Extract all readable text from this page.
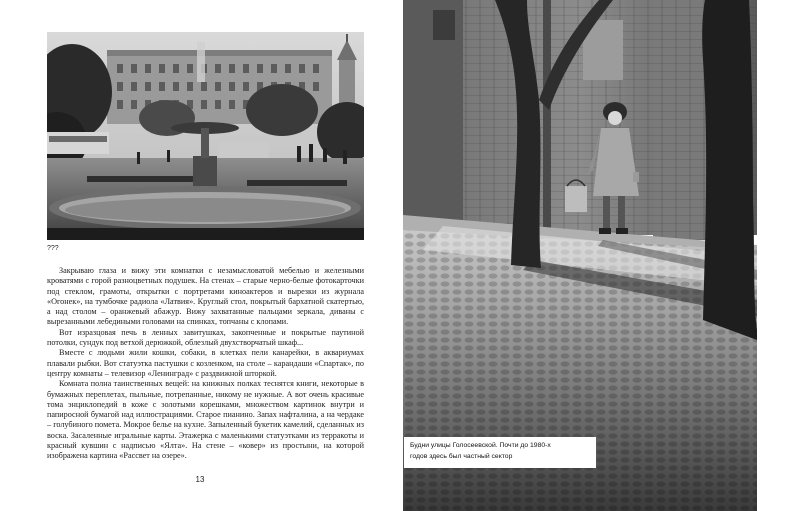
???

Закрываю глаза и вижу эти комнатки с незамысловатой мебелью и железными кроватями с горой разноцветных подушек. На стенах – старые черно-белые фотокарточки под стеклом, грамоты, открытки с портретами киноактеров и вырезки из журнала «Огонек», на тумбочке радиола «Латвия». Круглый стол, покрытый бархатной скатертью, а над столом – оранжевый абажур. Вижу захватанные пальцами зеркала, диваны с вырезанными лебедиными головами на спинках, топчаны с клопами.

Вот изразцовая печь в ленных завитушках, закопченные и покрытые паутиной потолки, сундук под ветхой дерюжкой, облезлый двухстворчатый шкаф...

Вместе с людьми жили кошки, собаки, в клетках пели канарейки, в аквариумах плавали рыбки. Вот статуэтка пастушки с козленком, на столе – карандаши «Спартак», по центру комнаты – телевизор «Ленинград» с раздвижной шторкой.

Комната полна таинственных вещей: на книжных полках теснятся книги, некоторые в бумажных переплетах, пыльные, потрепанные, никому не нужные. А вот очень красивые тома энциклопедий в коже с золотыми корешками, множеством картинок внутри и папиросной бумагой над иллюстрациями. Старое пианино. Запах нафталина, а на чердаке – голубиного помета. Мокрое белье на кухне. Запыленный букетик камелий, сделанных из воска. Засаленные игральные карты. Этажерка с маленькими статуэтками из терракоты и красный кувшин с надписью «Ялта». На стене – «ковер» из простыни, на которой изображена картина «Рассвет на озере».

13
Будни улицы Голосеевской. Почти до 1980-х
годов здесь был частный сектор
